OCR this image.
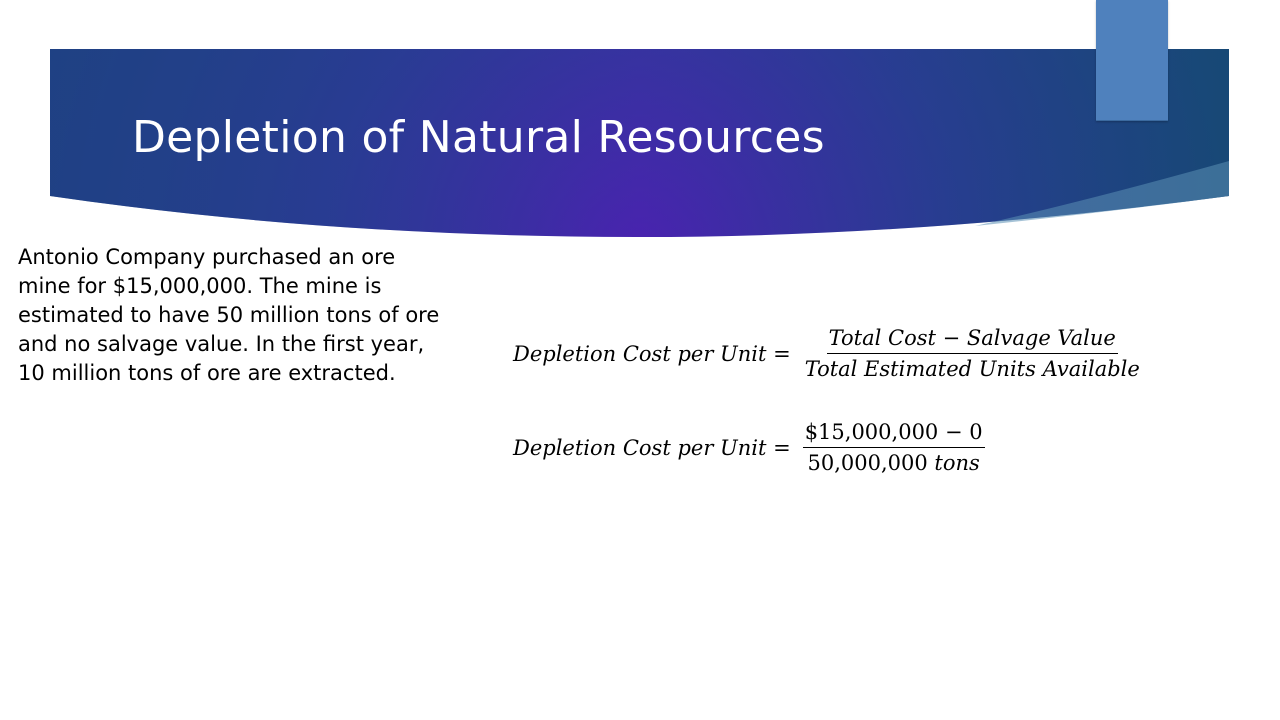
Depletion of Natural Resources

Antonio Company purchased an ore mine for $15,000,000. The mine is estimated to have 50 million tons of ore and no salvage value. In the first year, 10 million tons of ore are extracted.

Depletion Cost per Unit = $\frac{\text{Total Cost − Salvage Value}}{\text{Total Estimated Units Available}}$
Depletion Cost per Unit = $\frac{\$15,000,000 - 0}{\text{50,000,000 tons}}$
